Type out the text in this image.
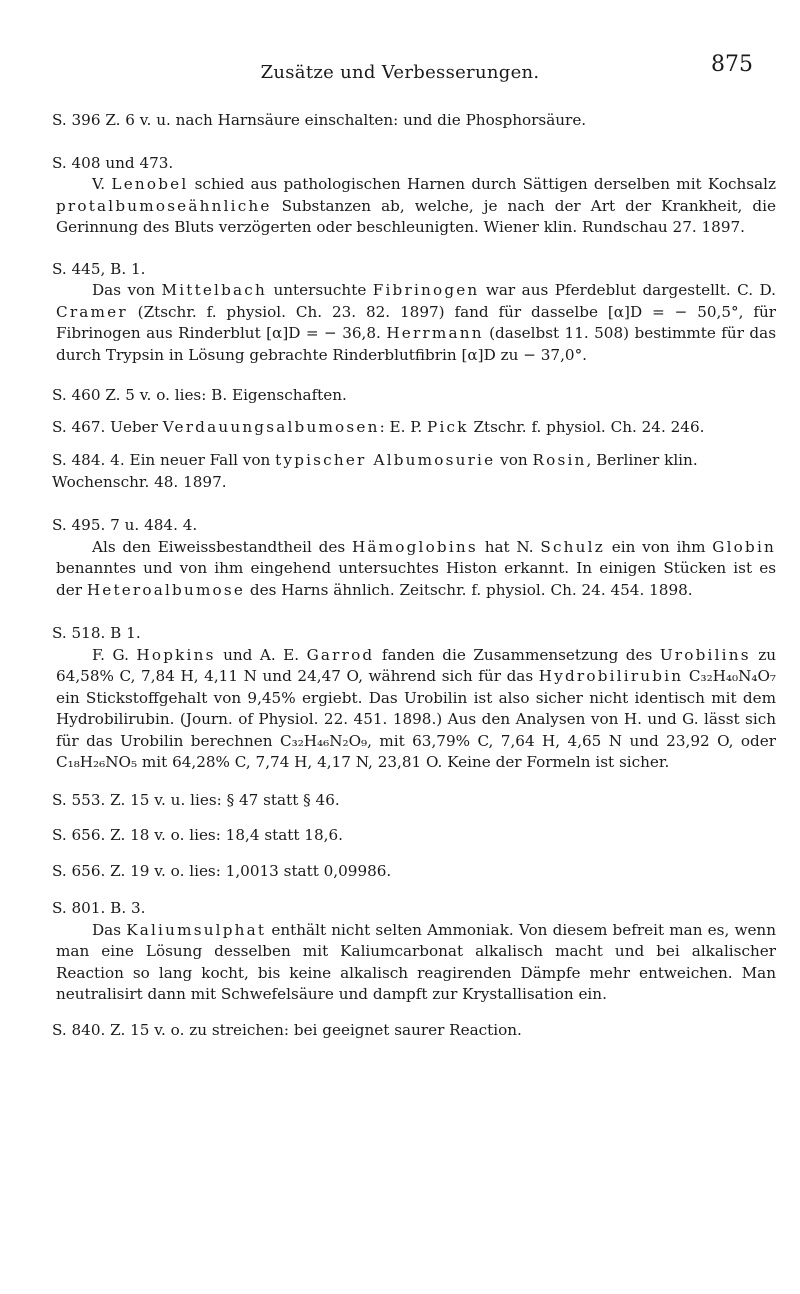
Zusätze und Verbesserungen.	875

S. 396 Z. 6 v. u. nach Harnsäure einschalten: und die Phosphorsäure.

S. 408 und 473.

V. Lenobel schied aus pathologischen Harnen durch Sättigen derselben mit Kochsalz protalbumoseähnliche Substanzen ab, welche, je nach der Art der Krankheit, die Gerinnung des Bluts verzögerten oder beschleunigten. Wiener klin. Rundschau 27. 1897.

S. 445, B. 1.

Das von Mittelbach untersuchte Fibrinogen war aus Pferdeblut dargestellt. C. D. Cramer (Ztschr. f. physiol. Ch. 23. 82. 1897) fand für dasselbe [α]D = − 50,5°, für Fibrinogen aus Rinderblut [α]D = − 36,8. Herrmann (daselbst 11. 508) bestimmte für das durch Trypsin in Lösung gebrachte Rinderblutfibrin [α]D zu − 37,0°.

S. 460 Z. 5 v. o. lies: B. Eigenschaften.

S. 467. Ueber Verdauungsalbumosen: E. P. Pick Ztschr. f. physiol. Ch. 24. 246.

S. 484. 4. Ein neuer Fall von typischer Albumosurie von Rosin, Berliner klin. Wochenschr. 48. 1897.

S. 495. 7 u. 484. 4.

Als den Eiweissbestandtheil des Hämoglobins hat N. Schulz ein von ihm Globin benanntes und von ihm eingehend untersuchtes Histon erkannt. In einigen Stücken ist es der Heteroalbumose des Harns ähnlich. Zeitschr. f. physiol. Ch. 24. 454. 1898.

S. 518. B 1.

F. G. Hopkins und A. E. Garrod fanden die Zusammensetzung des Urobilins zu 64,58% C, 7,84 H, 4,11 N und 24,47 O, während sich für das Hydrobilirubin C₃₂H₄₀N₄O₇ ein Stickstoffgehalt von 9,45% ergiebt. Das Urobilin ist also sicher nicht identisch mit dem Hydrobilirubin. (Journ. of Physiol. 22. 451. 1898.) Aus den Analysen von H. und G. lässt sich für das Urobilin berechnen C₃₂H₄₆N₂O₉, mit 63,79% C, 7,64 H, 4,65 N und 23,92 O, oder C₁₈H₂₆NO₅ mit 64,28% C, 7,74 H, 4,17 N, 23,81 O. Keine der Formeln ist sicher.

S. 553. Z. 15 v. u. lies: § 47 statt § 46.

S. 656. Z. 18 v. o. lies: 18,4 statt 18,6.

S. 656. Z. 19 v. o. lies: 1,0013 statt 0,09986.

S. 801. B. 3.

Das Kaliumsulphat enthält nicht selten Ammoniak. Von diesem befreit man es, wenn man eine Lösung desselben mit Kaliumcarbonat alkalisch macht und bei alkalischer Reaction so lang kocht, bis keine alkalisch reagirenden Dämpfe mehr entweichen. Man neutralisirt dann mit Schwefelsäure und dampft zur Krystallisation ein.

S. 840. Z. 15 v. o. zu streichen: bei geeignet saurer Reaction.
